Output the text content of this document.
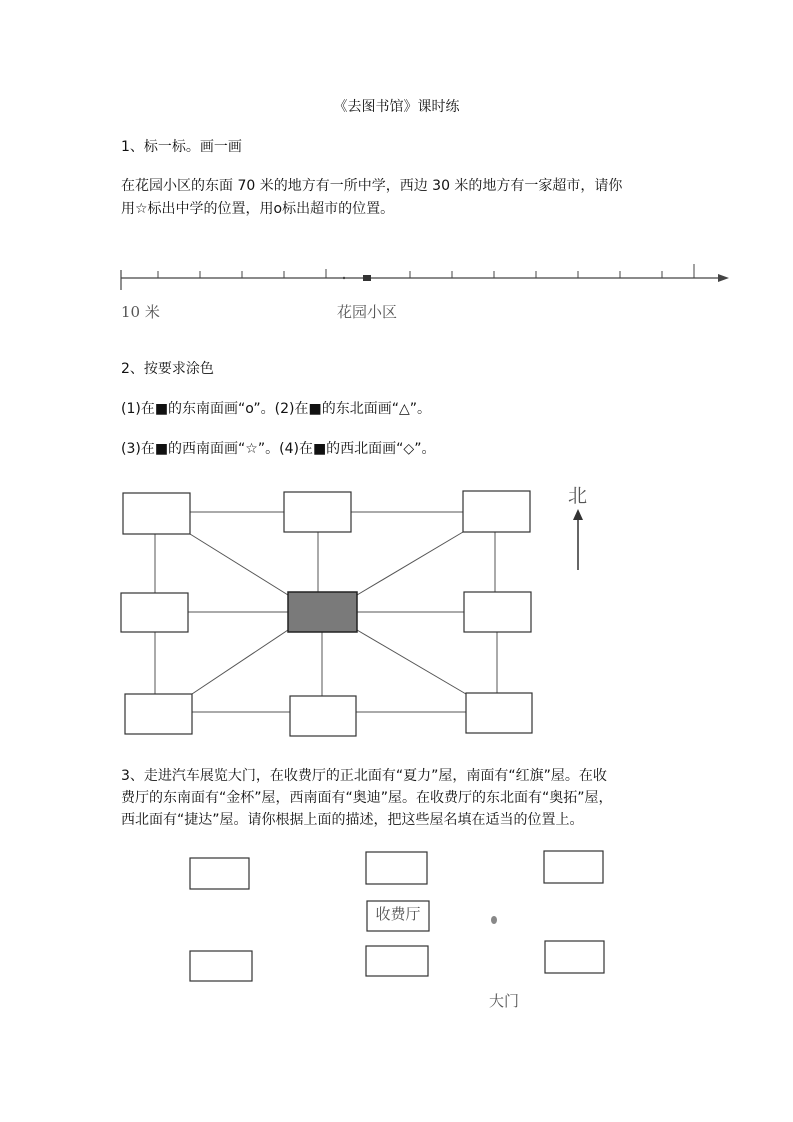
《去图书馆》课时练

1、标一标。画一画

在花园小区的东面 70 米的地方有一所中学，西边 30 米的地方有一家超市，请你

用☆标出中学的位置，用o标出超市的位置。

10 米	花园小区

2、按要求涂色

(1)在■的东南面画“o”。(2)在■的东北面画“△”。

(3)在■的西南面画“☆”。(4)在■的西北面画“◇”。

北

3、走进汽车展览大门，在收费厅的正北面有“夏力”屋，南面有“红旗”屋。在收

费厅的东南面有“金杯”屋，西南面有“奥迪”屋。在收费厅的东北面有“奥拓”屋，

西北面有“捷达”屋。请你根据上面的描述，把这些屋名填在适当的位置上。

收费厅

大门
